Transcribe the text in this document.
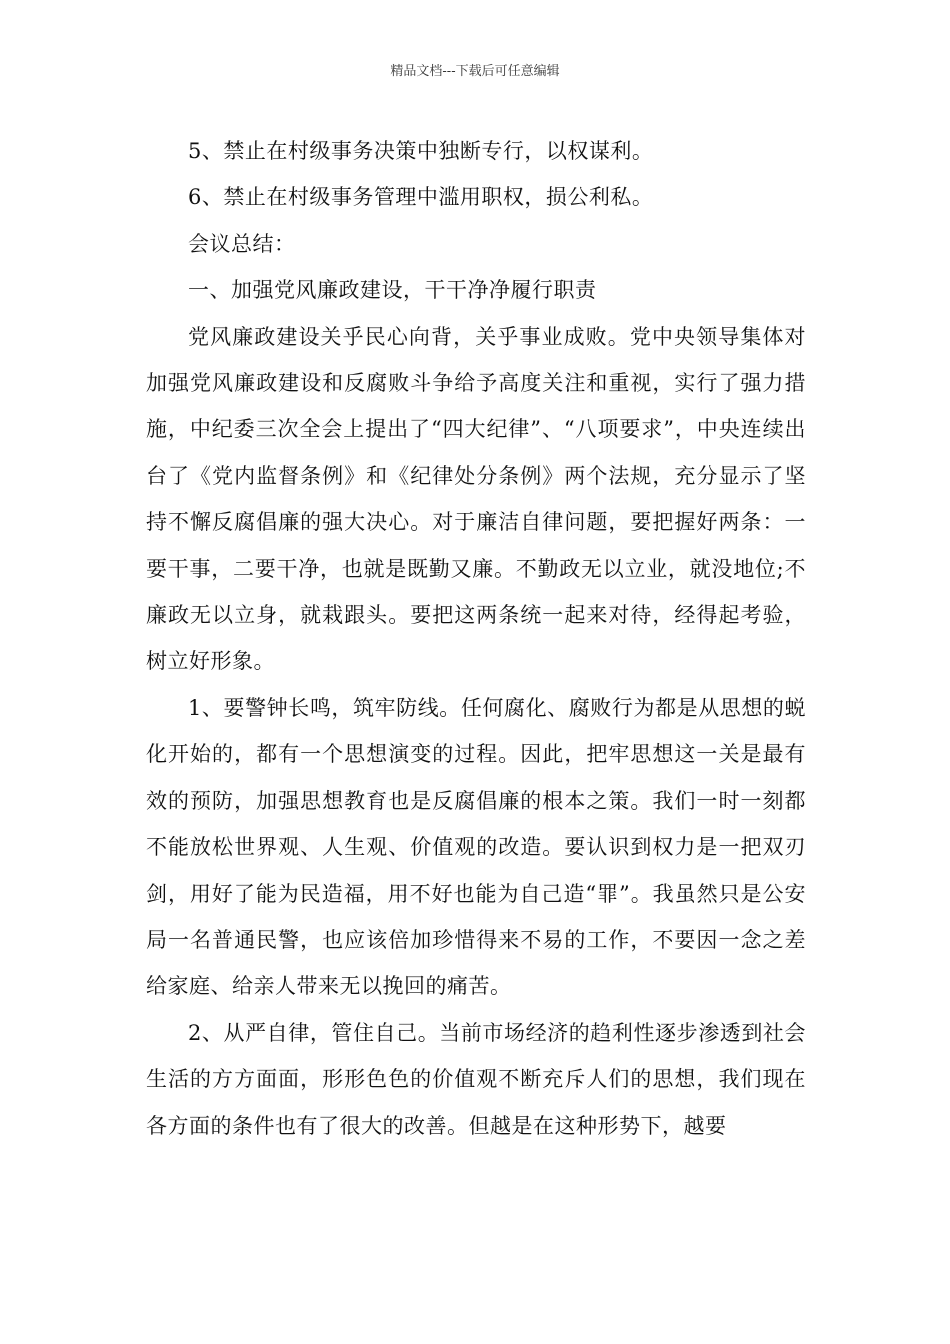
精品文档---下载后可任意编辑

5、禁止在村级事务决策中独断专行，以权谋利。

6、禁止在村级事务管理中滥用职权，损公利私。

会议总结：

一、加强党风廉政建设，干干净净履行职责

党风廉政建设关乎民心向背，关乎事业成败。党中央领导集体对加强党风廉政建设和反腐败斗争给予高度关注和重视，实行了强力措施，中纪委三次全会上提出了“四大纪律”、“八项要求”，中央连续出台了《党内监督条例》和《纪律处分条例》两个法规，充分显示了坚持不懈反腐倡廉的强大决心。对于廉洁自律问题，要把握好两条：一要干事，二要干净，也就是既勤又廉。不勤政无以立业，就没地位;不廉政无以立身，就栽跟头。要把这两条统一起来对待，经得起考验，树立好形象。

1、要警钟长鸣，筑牢防线。任何腐化、腐败行为都是从思想的蜕化开始的，都有一个思想演变的过程。因此，把牢思想这一关是最有效的预防，加强思想教育也是反腐倡廉的根本之策。我们一时一刻都不能放松世界观、人生观、价值观的改造。要认识到权力是一把双刃剑，用好了能为民造福，用不好也能为自己造“罪”。我虽然只是公安局一名普通民警，也应该倍加珍惜得来不易的工作，不要因一念之差给家庭、给亲人带来无以挽回的痛苦。

2、从严自律，管住自己。当前市场经济的趋利性逐步渗透到社会生活的方方面面，形形色色的价值观不断充斥人们的思想，我们现在各方面的条件也有了很大的改善。但越是在这种形势下，越要
